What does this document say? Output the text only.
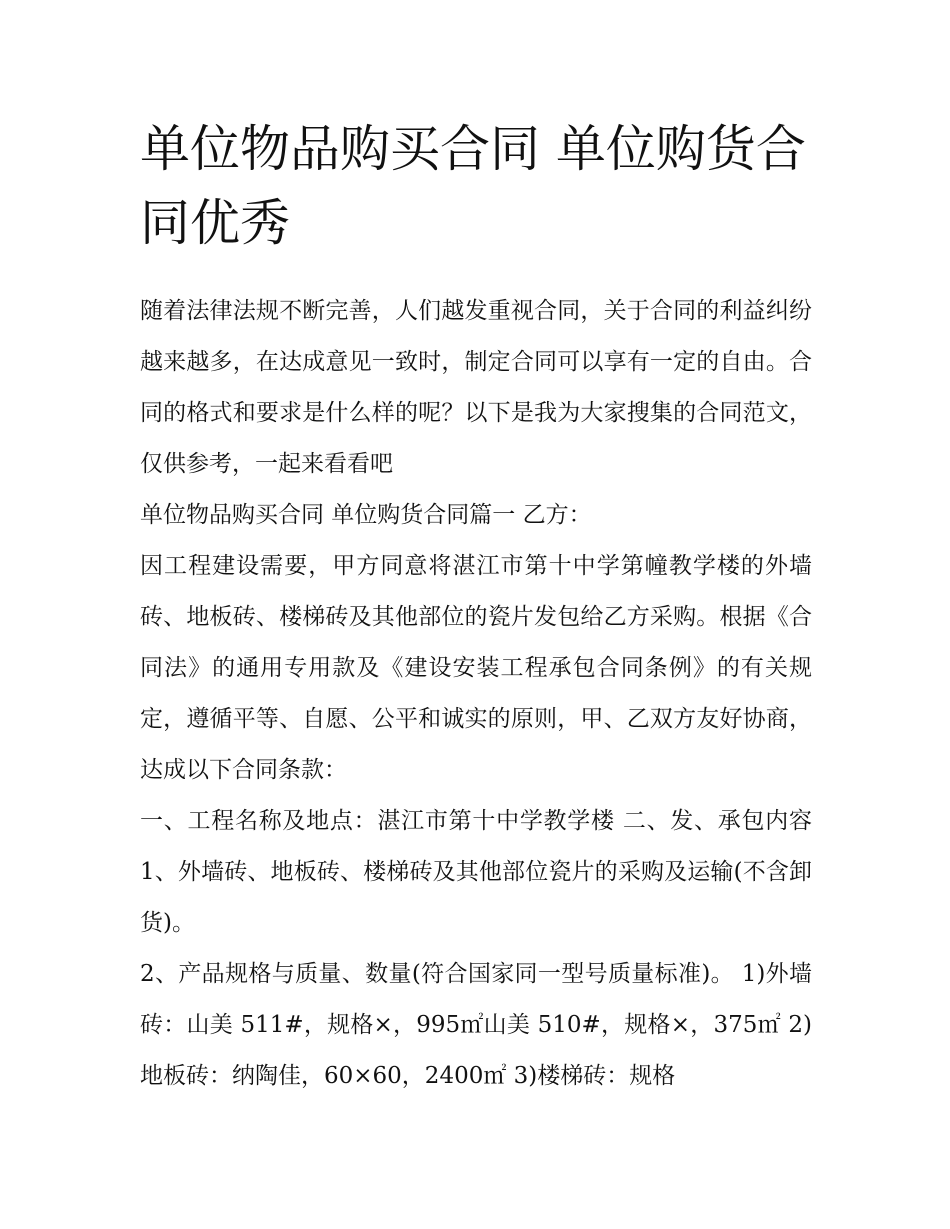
单位物品购买合同 单位购货合同优秀

随着法律法规不断完善，人们越发重视合同，关于合同的利益纠纷越来越多，在达成意见一致时，制定合同可以享有一定的自由。合同的格式和要求是什么样的呢？以下是我为大家搜集的合同范文，仅供参考，一起来看看吧

单位物品购买合同 单位购货合同篇一 乙方：

因工程建设需要，甲方同意将湛江市第十中学第幢教学楼的外墙砖、地板砖、楼梯砖及其他部位的瓷片发包给乙方采购。根据《合同法》的通用专用款及《建设安装工程承包合同条例》的有关规定，遵循平等、自愿、公平和诚实的原则，甲、乙双方友好协商，达成以下合同条款：

一、工程名称及地点：湛江市第十中学教学楼 二、发、承包内容 1、外墙砖、地板砖、楼梯砖及其他部位瓷片的采购及运输(不含卸货)。

2、产品规格与质量、数量(符合国家同一型号质量标准)。 1)外墙砖：山美 511#，规格×，995㎡山美 510#，规格×，375㎡ 2)地板砖：纳陶佳，60×60，2400㎡ 3)楼梯砖：规格
